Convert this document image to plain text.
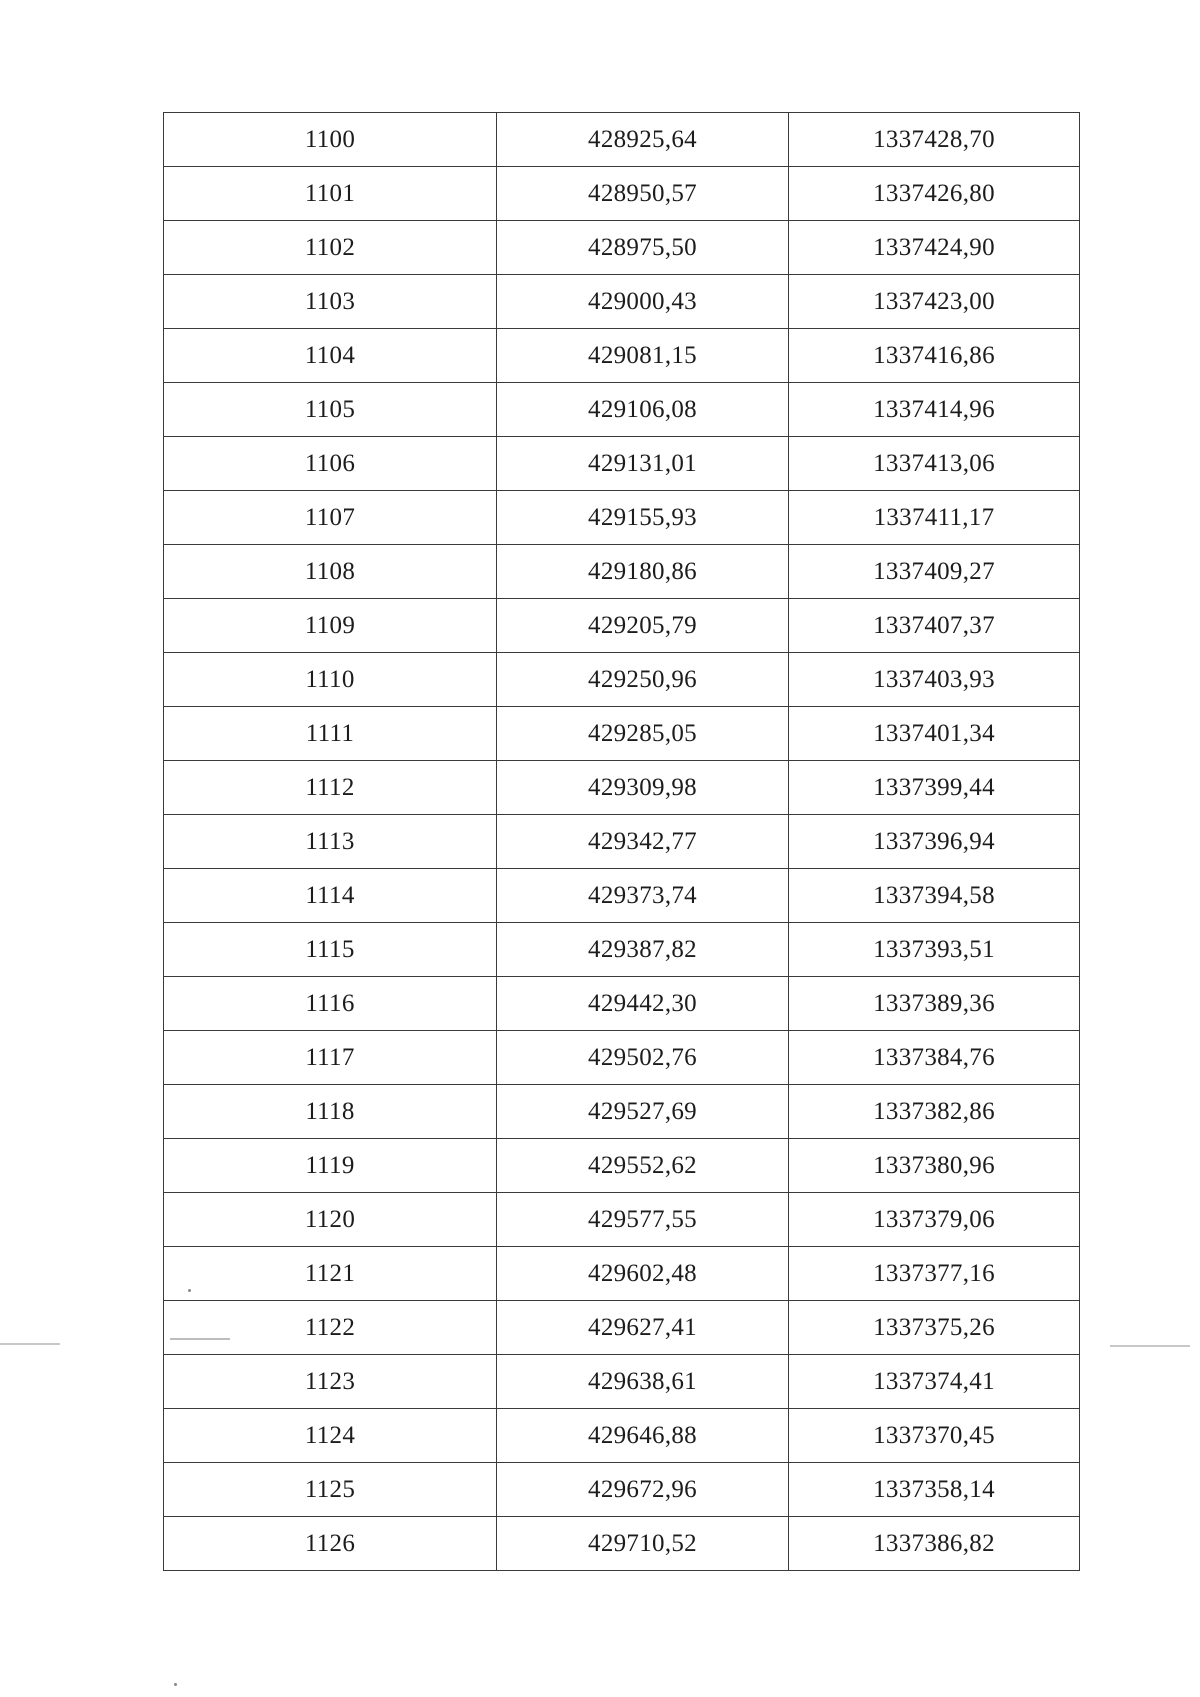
1100	428925,64	1337428,70
1101	428950,57	1337426,80
1102	428975,50	1337424,90
1103	429000,43	1337423,00
1104	429081,15	1337416,86
1105	429106,08	1337414,96
1106	429131,01	1337413,06
1107	429155,93	1337411,17
1108	429180,86	1337409,27
1109	429205,79	1337407,37
1110	429250,96	1337403,93
1111	429285,05	1337401,34
1112	429309,98	1337399,44
1113	429342,77	1337396,94
1114	429373,74	1337394,58
1115	429387,82	1337393,51
1116	429442,30	1337389,36
1117	429502,76	1337384,76
1118	429527,69	1337382,86
1119	429552,62	1337380,96
1120	429577,55	1337379,06
1121	429602,48	1337377,16
1122	429627,41	1337375,26
1123	429638,61	1337374,41
1124	429646,88	1337370,45
1125	429672,96	1337358,14
1126	429710,52	1337386,82
